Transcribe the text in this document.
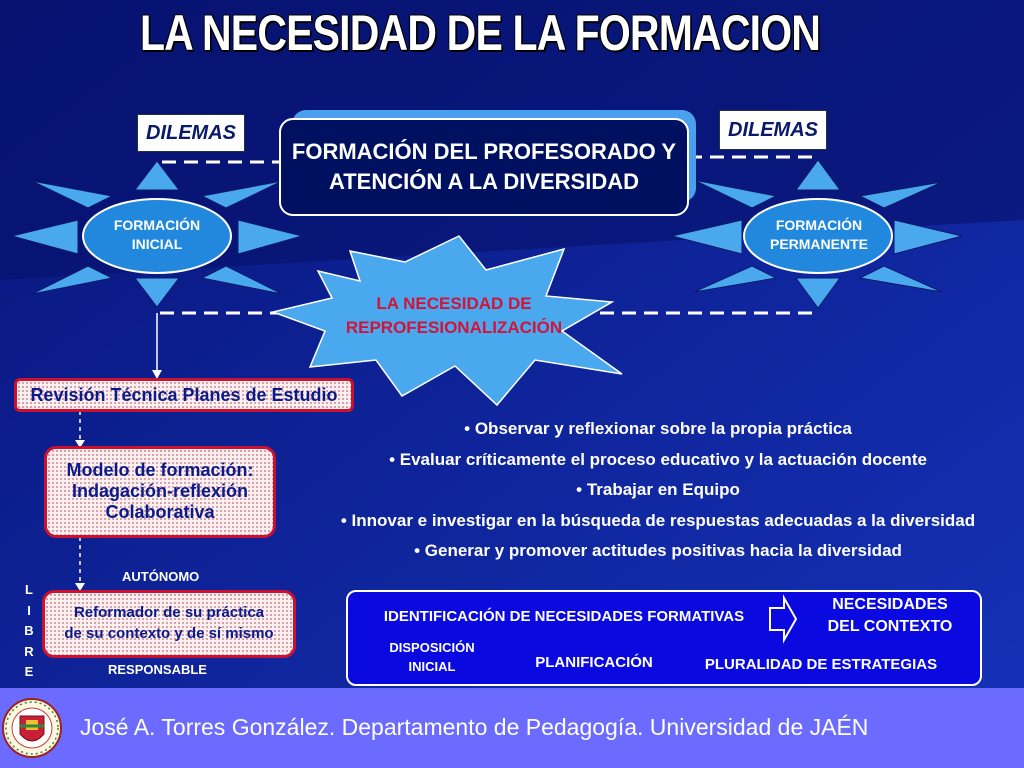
LA NECESIDAD DE LA FORMACION
FORMACIÓN
INICIAL
FORMACIÓN
PERMANENTE
LA NECESIDAD DE
REPROFESIONALIZACIÓN
DILEMAS	DILEMAS
FORMACIÓN DEL PROFESORADO Y
ATENCIÓN A LA DIVERSIDAD
Revisión Técnica Planes de Estudio
Modelo de formación:
Indagación-reflexión
Colaborativa
AUTÓNOMO
Reformador de su práctica
de su contexto y de sí mismo
RESPONSABLE
L
I
B
R
E
• Observar y reflexionar sobre la propia práctica
• Evaluar críticamente el proceso educativo y la actuación docente
• Trabajar en Equipo
• Innovar e investigar en la búsqueda de respuestas adecuadas a la diversidad
• Generar y promover actitudes positivas hacia la diversidad
IDENTIFICACIÓN DE NECESIDADES FORMATIVAS
NECESIDADES
DEL CONTEXTO
DISPOSICIÓN
INICIAL	PLANIFICACIÓN	PLURALIDAD DE ESTRATEGIAS
José A. Torres González. Departamento de Pedagogía. Universidad de JAÉN
